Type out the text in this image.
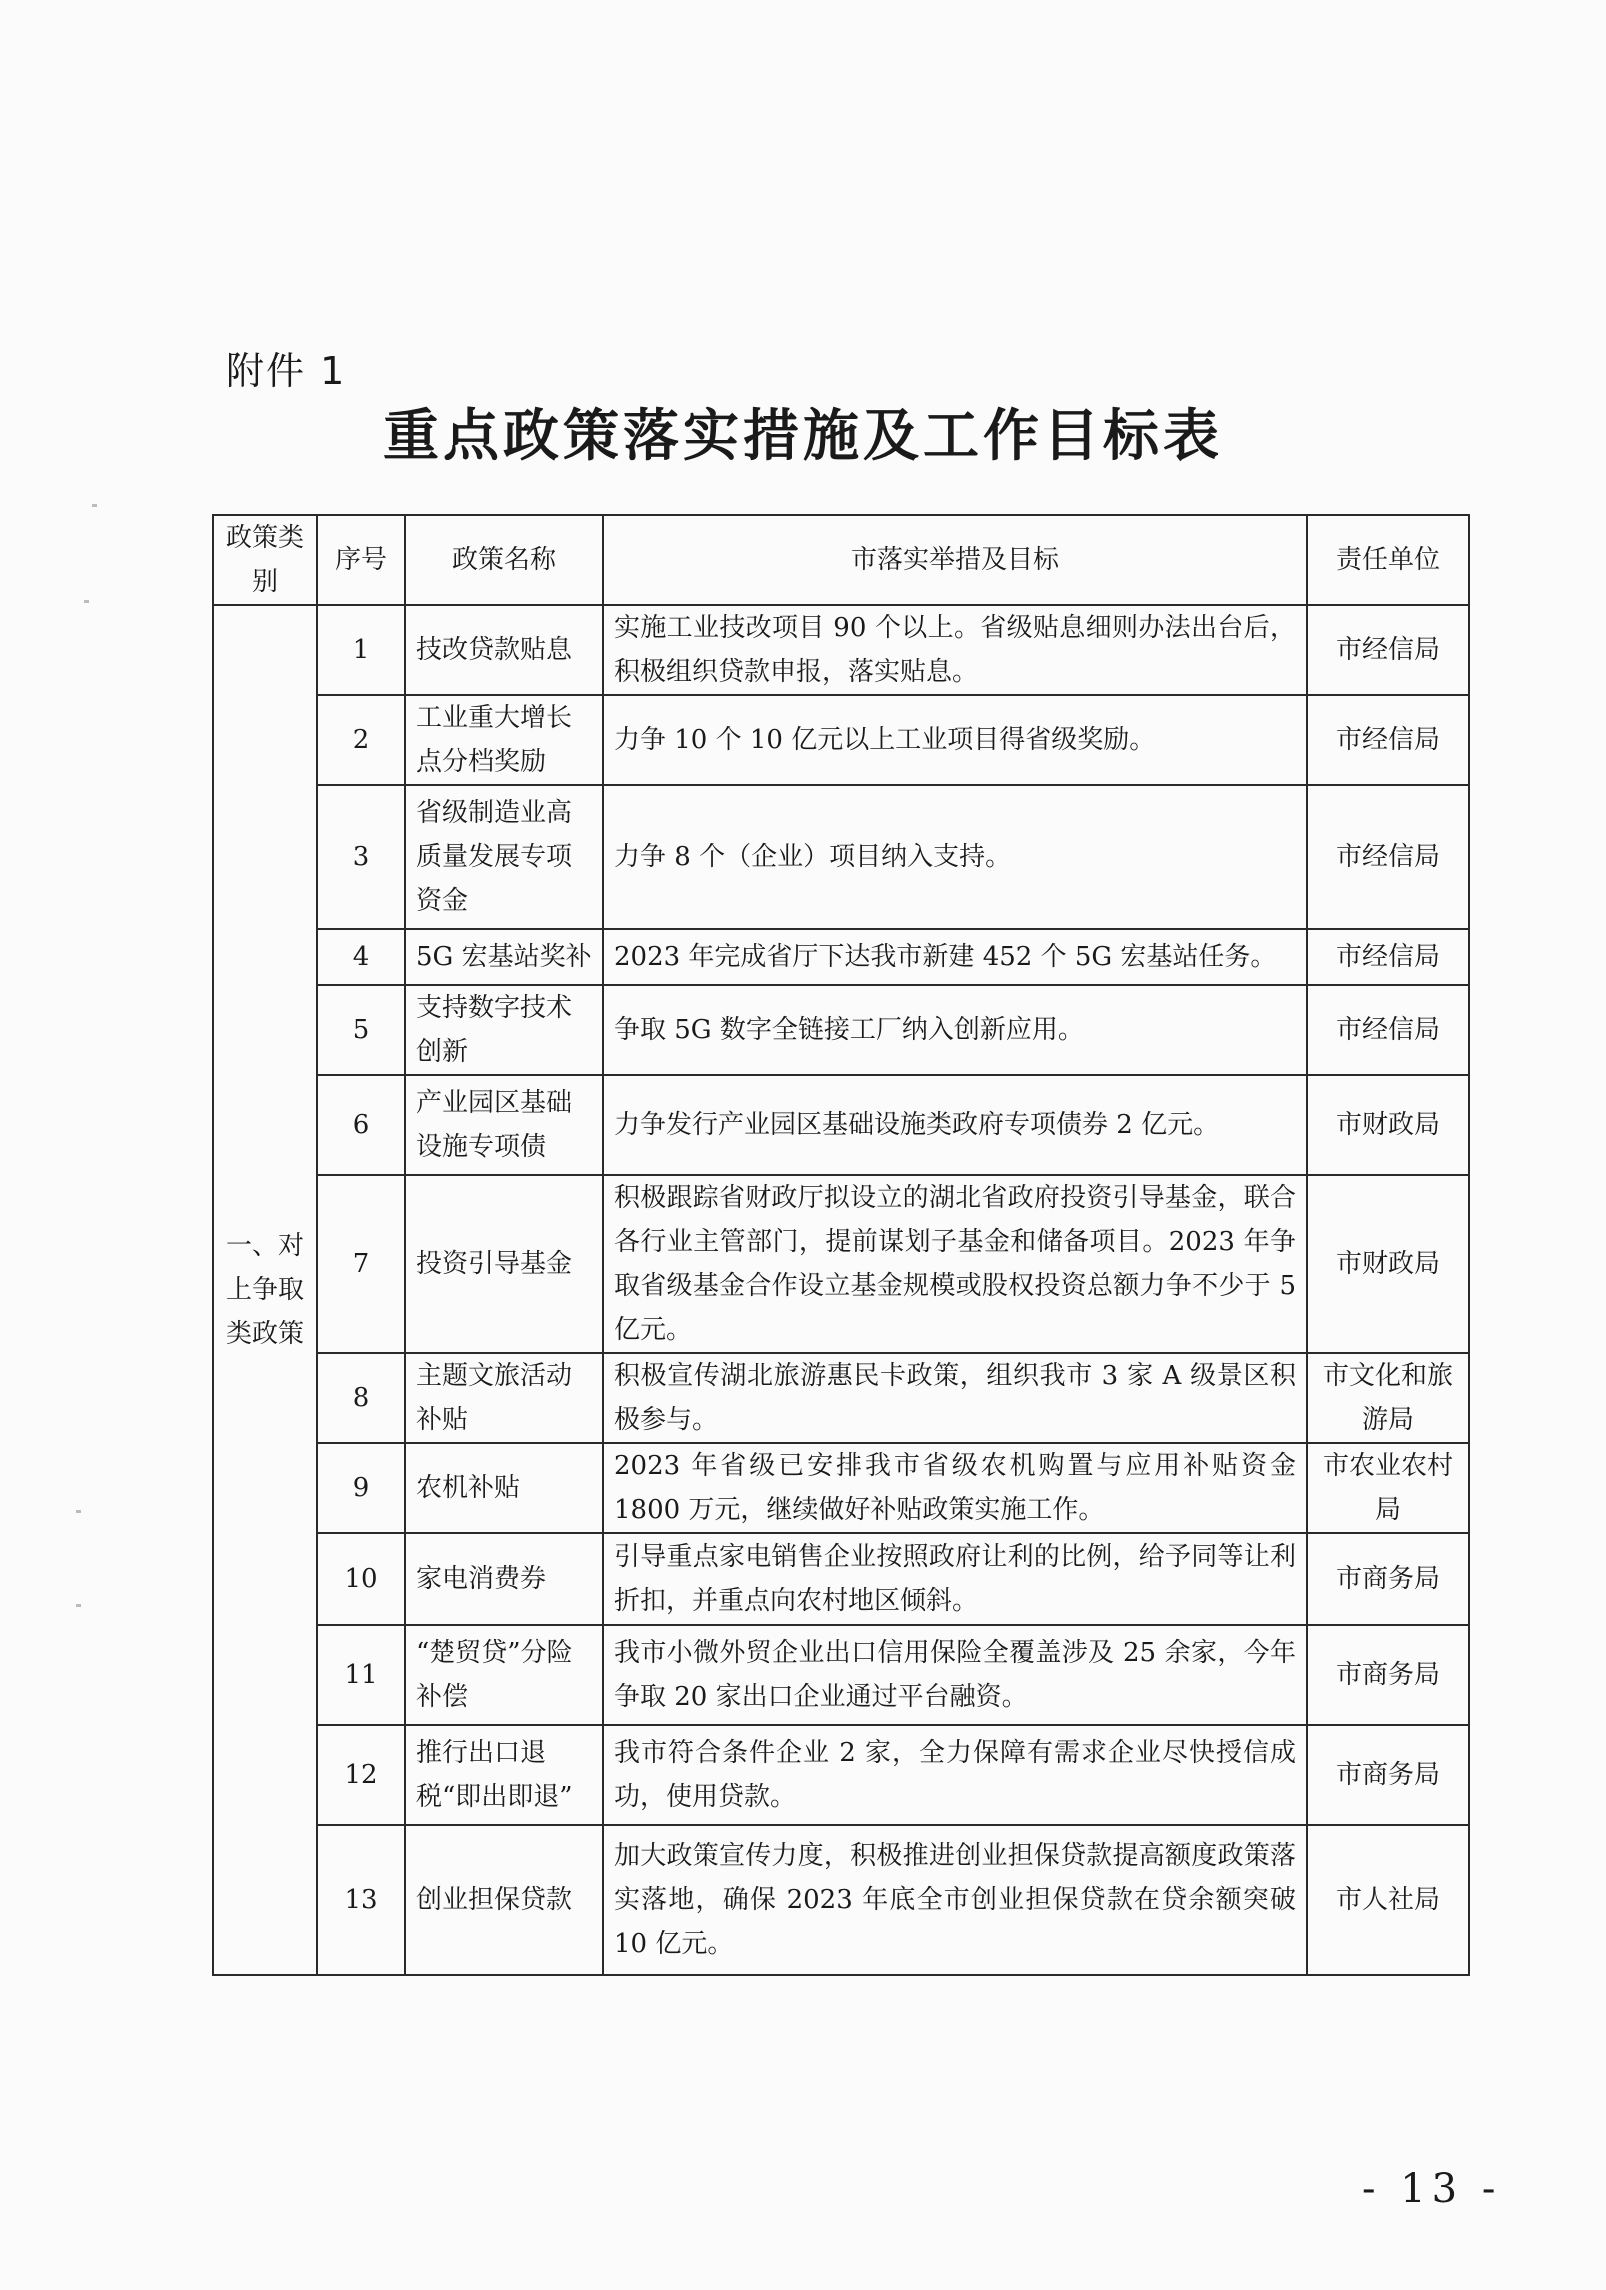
附件 1
重点政策落实措施及工作目标表
政策类别	序号	政策名称	市落实举措及目标	责任单位
一、对上争取类政策	1	技改贷款贴息	实施工业技改项目 90 个以上。省级贴息细则办法出台后，积极组织贷款申报，落实贴息。	市经信局
	2	工业重大增长点分档奖励	力争 10 个 10 亿元以上工业项目得省级奖励。	市经信局
	3	省级制造业高质量发展专项资金	力争 8 个（企业）项目纳入支持。	市经信局
	4	5G 宏基站奖补	2023 年完成省厅下达我市新建 452 个 5G 宏基站任务。	市经信局
	5	支持数字技术创新	争取 5G 数字全链接工厂纳入创新应用。	市经信局
	6	产业园区基础设施专项债	力争发行产业园区基础设施类政府专项债券 2 亿元。	市财政局
	7	投资引导基金	积极跟踪省财政厅拟设立的湖北省政府投资引导基金，联合各行业主管部门，提前谋划子基金和储备项目。2023 年争取省级基金合作设立基金规模或股权投资总额力争不少于 5 亿元。	市财政局
	8	主题文旅活动补贴	积极宣传湖北旅游惠民卡政策，组织我市 3 家 A 级景区积极参与。	市文化和旅游局
	9	农机补贴	2023 年省级已安排我市省级农机购置与应用补贴资金 1800 万元，继续做好补贴政策实施工作。	市农业农村局
	10	家电消费券	引导重点家电销售企业按照政府让利的比例，给予同等让利折扣，并重点向农村地区倾斜。	市商务局
	11	“楚贸贷”分险补偿	我市小微外贸企业出口信用保险全覆盖涉及 25 余家，今年争取 20 家出口企业通过平台融资。	市商务局
	12	推行出口退税“即出即退”	我市符合条件企业 2 家，全力保障有需求企业尽快授信成功，使用贷款。	市商务局
	13	创业担保贷款	加大政策宣传力度，积极推进创业担保贷款提高额度政策落实落地，确保 2023 年底全市创业担保贷款在贷余额突破 10 亿元。	市人社局
- 13 -
